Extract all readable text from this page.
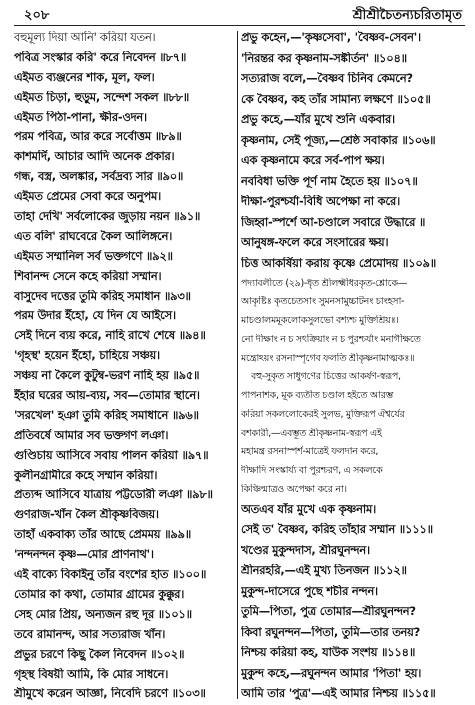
২০৮	শ্রীশ্রীচৈতন্যচরিতামৃত
বহুমূল্য দিয়া আনি' করিয়া যতন।
পবিত্র সংস্কার করি' করে নিবেদন ॥৮৭॥
এইমত ব্যঞ্জনের শাক, মূল, ফল।
এইমত চিড়া, হুড়ুম, সন্দেশ সকল ॥৮৮॥
এইমত পিঠা-পানা, ক্ষীর-ওদন।
পরম পবিত্র, আর করে সর্বোত্তম ॥৮৯॥
কাশমর্দি, আচার আদি অনেক প্রকার।
গন্ধ, বস্ত্র, অলঙ্কার, সর্বদ্রব্য সার ॥৯০॥
এইমত প্রেমের সেবা করে অনুপম।
তাহা দেখি' সর্বলোকের জুড়ায় নয়ন ॥৯১॥
এত বলি' রাঘবেরে কৈল আলিঙ্গনে।
এইমত সম্মানিল সর্ব ভক্তগণে ॥৯২॥
শিবানন্দ সেনে কহে করিয়া সম্মান।
বাসুদেব দত্তের তুমি করিহ সমাধান ॥৯৩॥
পরম উদার ইঁহো, যে দিন যে আইসে।
সেই দিনে ব্যয় করে, নাহি রাখে শেষে ॥৯৪॥
'গৃহস্থ' হয়েন ইঁহো, চাহিয়ে সঞ্চয়।
সঞ্চয় না কৈলে কুটুম্ব-ভরণ নাহি হয় ॥৯৫॥
ইঁহার ঘরের আয়-ব্যয়, সব—তোমার স্থানে।
'সরখেল' হঞা তুমি করিহ সমাধানে ॥৯৬॥
প্রতিবর্ষে আমার সব ভক্তগণ লঞা।
গুণ্ডিচায় আসিবে সবায় পালন করিয়া ॥৯৭॥
কুলীনগ্রামীরে কহে সম্মান করিয়া।
প্রত্যব্দ আসিবে যাত্রায় পট্টডোরী লঞা ॥৯৮॥
গুণরাজ-খাঁন কৈল শ্রীকৃষ্ণবিজয়।
তাহাঁ একবাক্য তাঁর আছে প্রেমময় ॥৯৯॥
'নন্দনন্দন কৃষ্ণ—মোর প্রাণনাথ'।
এই বাক্যে বিকাইনু তাঁর বংশের হাত ॥১০০॥
তোমার কা কথা, তোমার গ্রামের কুক্কুর।
সেহ মোর প্রিয়, অন্যজন রহু দূর ॥১০১॥
তবে রামানন্দ, আর সত্যরাজ খাঁন।
প্রভুর চরণে কিছু কৈল নিবেদন ॥১০২॥
গৃহস্থ বিষয়ী আমি, কি মোর সাধনে।
শ্রীমুখে করেন আজ্ঞা, নিবেদি চরণে ॥১০৩॥
প্রভু কহেন,—'কৃষ্ণসেবা', 'বৈষ্ণব-সেবন'।
'নিরন্তর কর কৃষ্ণনাম-সঙ্কীর্তন' ॥১০৪॥
সত্যরাজ বলে,—বৈষ্ণব চিনিব কেমনে?
কে বৈষ্ণব, কহ তাঁর সামান্য লক্ষণে ॥১০৫॥
প্রভু কহে,—যাঁর মুখে শুনি একবার।
কৃষ্ণনাম, সেই পূজ্য,—শ্রেষ্ঠ সবাকার ॥১০৬॥
এক কৃষ্ণনামে করে সর্ব-পাপ ক্ষয়।
নববিধা ভক্তি পূর্ণ নাম হৈতে হয় ॥১০৭॥
দীক্ষা-পুরশ্চর্যা-বিধি অপেক্ষা না করে।
জিহ্বা-স্পর্শে আ-চণ্ডালে সবারে উদ্ধারে ॥
আনুষঙ্গ-ফলে করে সংসারের ক্ষয়।
চিত্ত আকর্ষিয়া করায় কৃষ্ণে প্রেমোদয় ॥১০৯॥
পদ্যাবলীতে (২৯)-ধৃত শ্রীলক্ষ্মীধরকৃত-শ্লোকে—
আকৃষ্টিঃ কৃতচেতসাং সুমনসামুচ্চাটনং চাংহসা-
মাচণ্ডালমমূকলোকসুলভো বশ্যশ্চ মুক্তিশ্রিয়ঃ।
নো দীক্ষাং ন চ সৎক্রিয়াং ন চ পুরশ্চর্যাং মনাগীক্ষতে
মন্ত্রোঽয়ং রসনাস্পৃগেব ফলতি শ্রীকৃষ্ণনামাত্মকঃ॥
বহু-সুকৃত সাধুগণের চিত্তের আকর্ষণ-স্বরূপ,
পাপনাশক, মূক ব্যতীত চণ্ডাল হইতে আরম্ভ
করিয়া সকললোকেরই সুলভ, মুক্তিরূপ ঐশ্বর্যের
বশকারী,—এবম্ভূত শ্রীকৃষ্ণনাম-স্বরূপ এই
মহামন্ত্র রসনাস্পর্শ-মাত্রেই ফলদান করে,
দীক্ষাদি সংস্কার্য্য বা পুরশ্চরণ, এ সকলকে
কিঞ্চিন্মাত্রও অপেক্ষা করে না।
অতএব যাঁর মুখে এক কৃষ্ণনাম।
সেই ত' বৈষ্ণব, করিহ তাঁহার সম্মান ॥১১১॥
খণ্ডের মুকুন্দদাস, শ্রীরঘুনন্দন।
শ্রীনরহরি,—এই মুখ্য তিনজন ॥১১২॥
মুকুন্দ-দাসেরে পুছে শচীর নন্দন।
তুমি—পিতা, পুত্র তোমার—শ্রীরঘুনন্দন?
কিবা রঘুনন্দন—পিতা, তুমি—তার তনয়?
নিশ্চয় করিয়া কহ, যাউক সংশয় ॥১১৪॥
মুকুন্দ কহে,—রঘুনন্দন আমার 'পিতা' হয়।
আমি তার 'পুত্র'—এই আমার নিশ্চয় ॥১১৫॥
